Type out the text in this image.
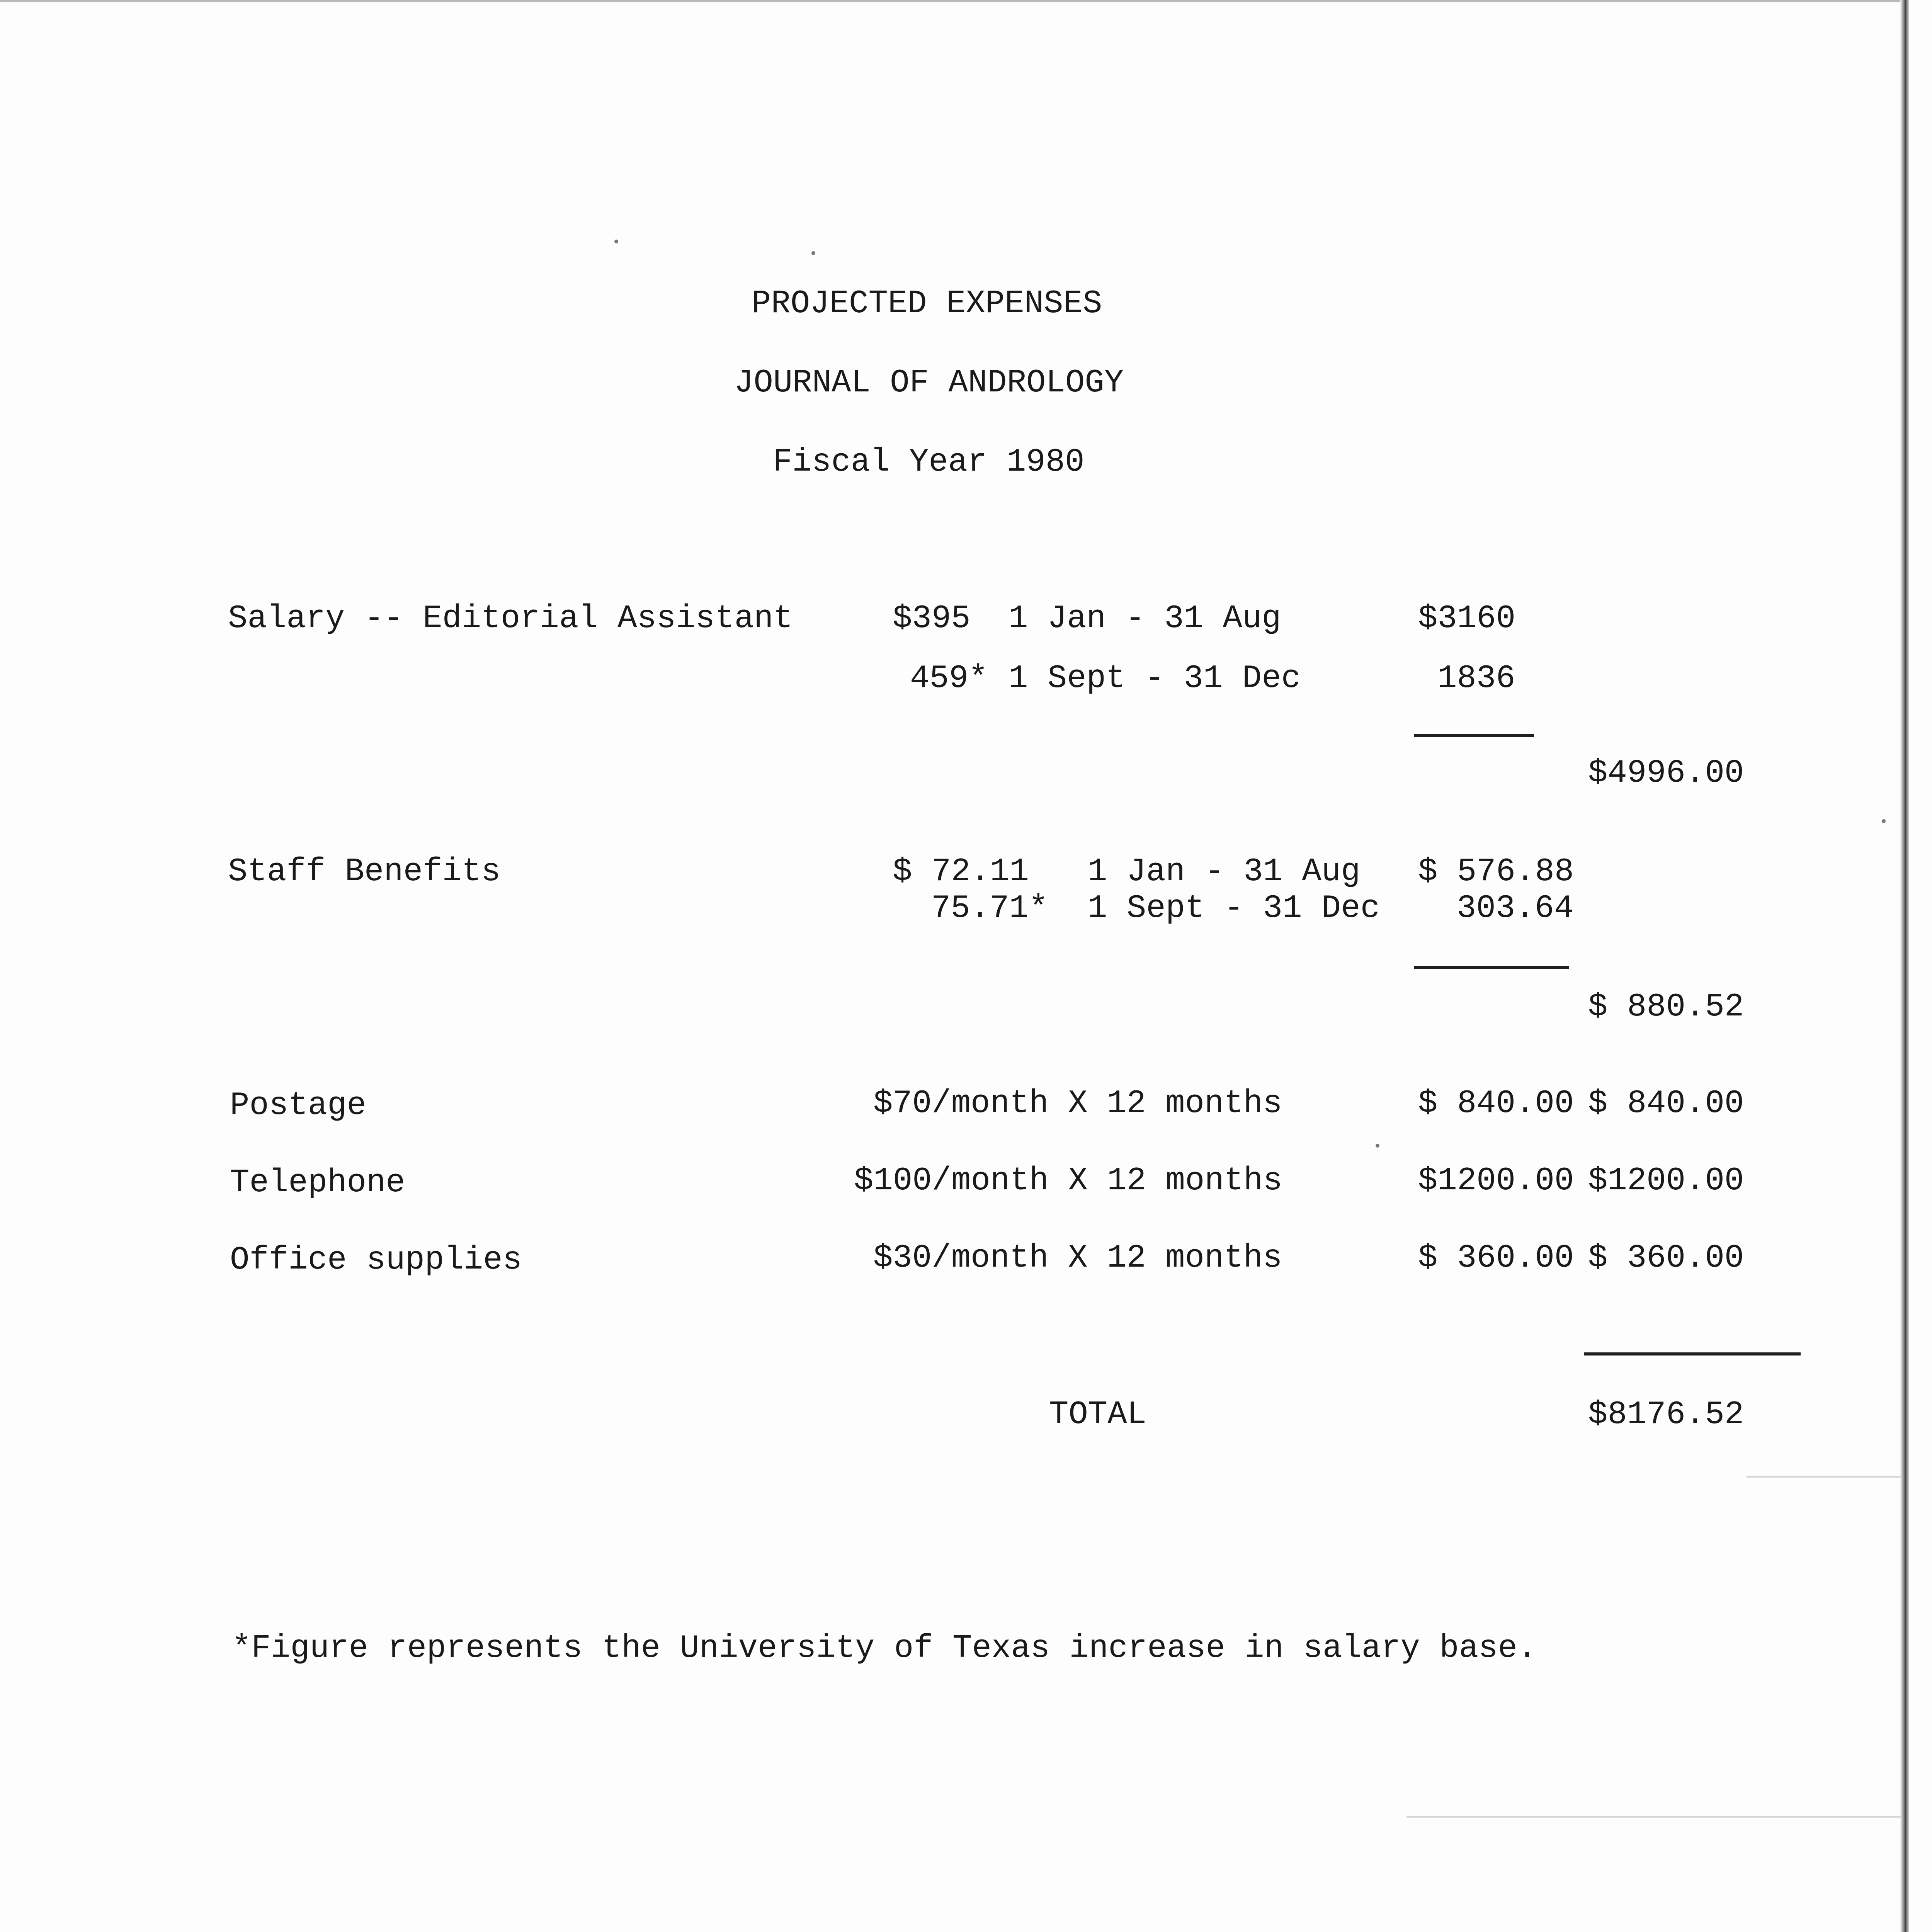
PROJECTED EXPENSES
JOURNAL OF ANDROLOGY
Fiscal Year 1980
Salary -- Editorial Assistant	$395 1 Jan - 31 Aug	$3160
459* 1 Sept - 31 Dec	1836
$4996.00
Staff Benefits	$ 72.11 1 Jan - 31 Aug $ 576.88
75.71* 1 Sept - 31 Dec 303.64
$ 880.52
Postage	$70/month X 12 months	$ 840.00 $ 840.00
Telephone	$100/month X 12 months	$1200.00 $1200.00
Office supplies	$30/month X 12 months	$ 360.00 $ 360.00
TOTAL	$8176.52
*Figure represents the University of Texas increase in salary base.
